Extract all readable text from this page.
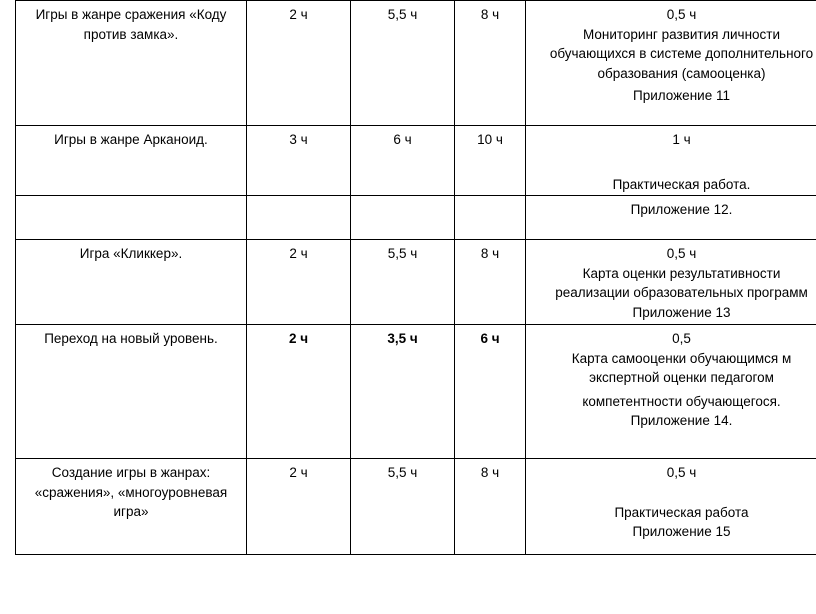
Игры в жанре сражения «Коду
против замка».	2 ч	5,5 ч	8 ч	0,5 ч
Мониторинг развития личности
обучающихся в системе дополнительного
образования (самооценка)
Приложение 11

Игры в жанре Арканоид.	3 ч	6 ч	10 ч	1 ч
Практическая работа.

				Приложение 12.

Игра «Кликкер».	2 ч	5,5 ч	8 ч	0,5 ч
Карта оценки результативности
реализации образовательных программ
Приложение 13

Переход на новый уровень.	2 ч	3,5 ч	6 ч	0,5
Карта самооценки обучающимся м
экспертной оценки педагогом
компетентности обучающегося.
Приложение 14.

Создание игры в жанрах:
«сражения», «многоуровневая
игра»	2 ч	5,5 ч	8 ч	0,5 ч
Практическая работа
Приложение 15
